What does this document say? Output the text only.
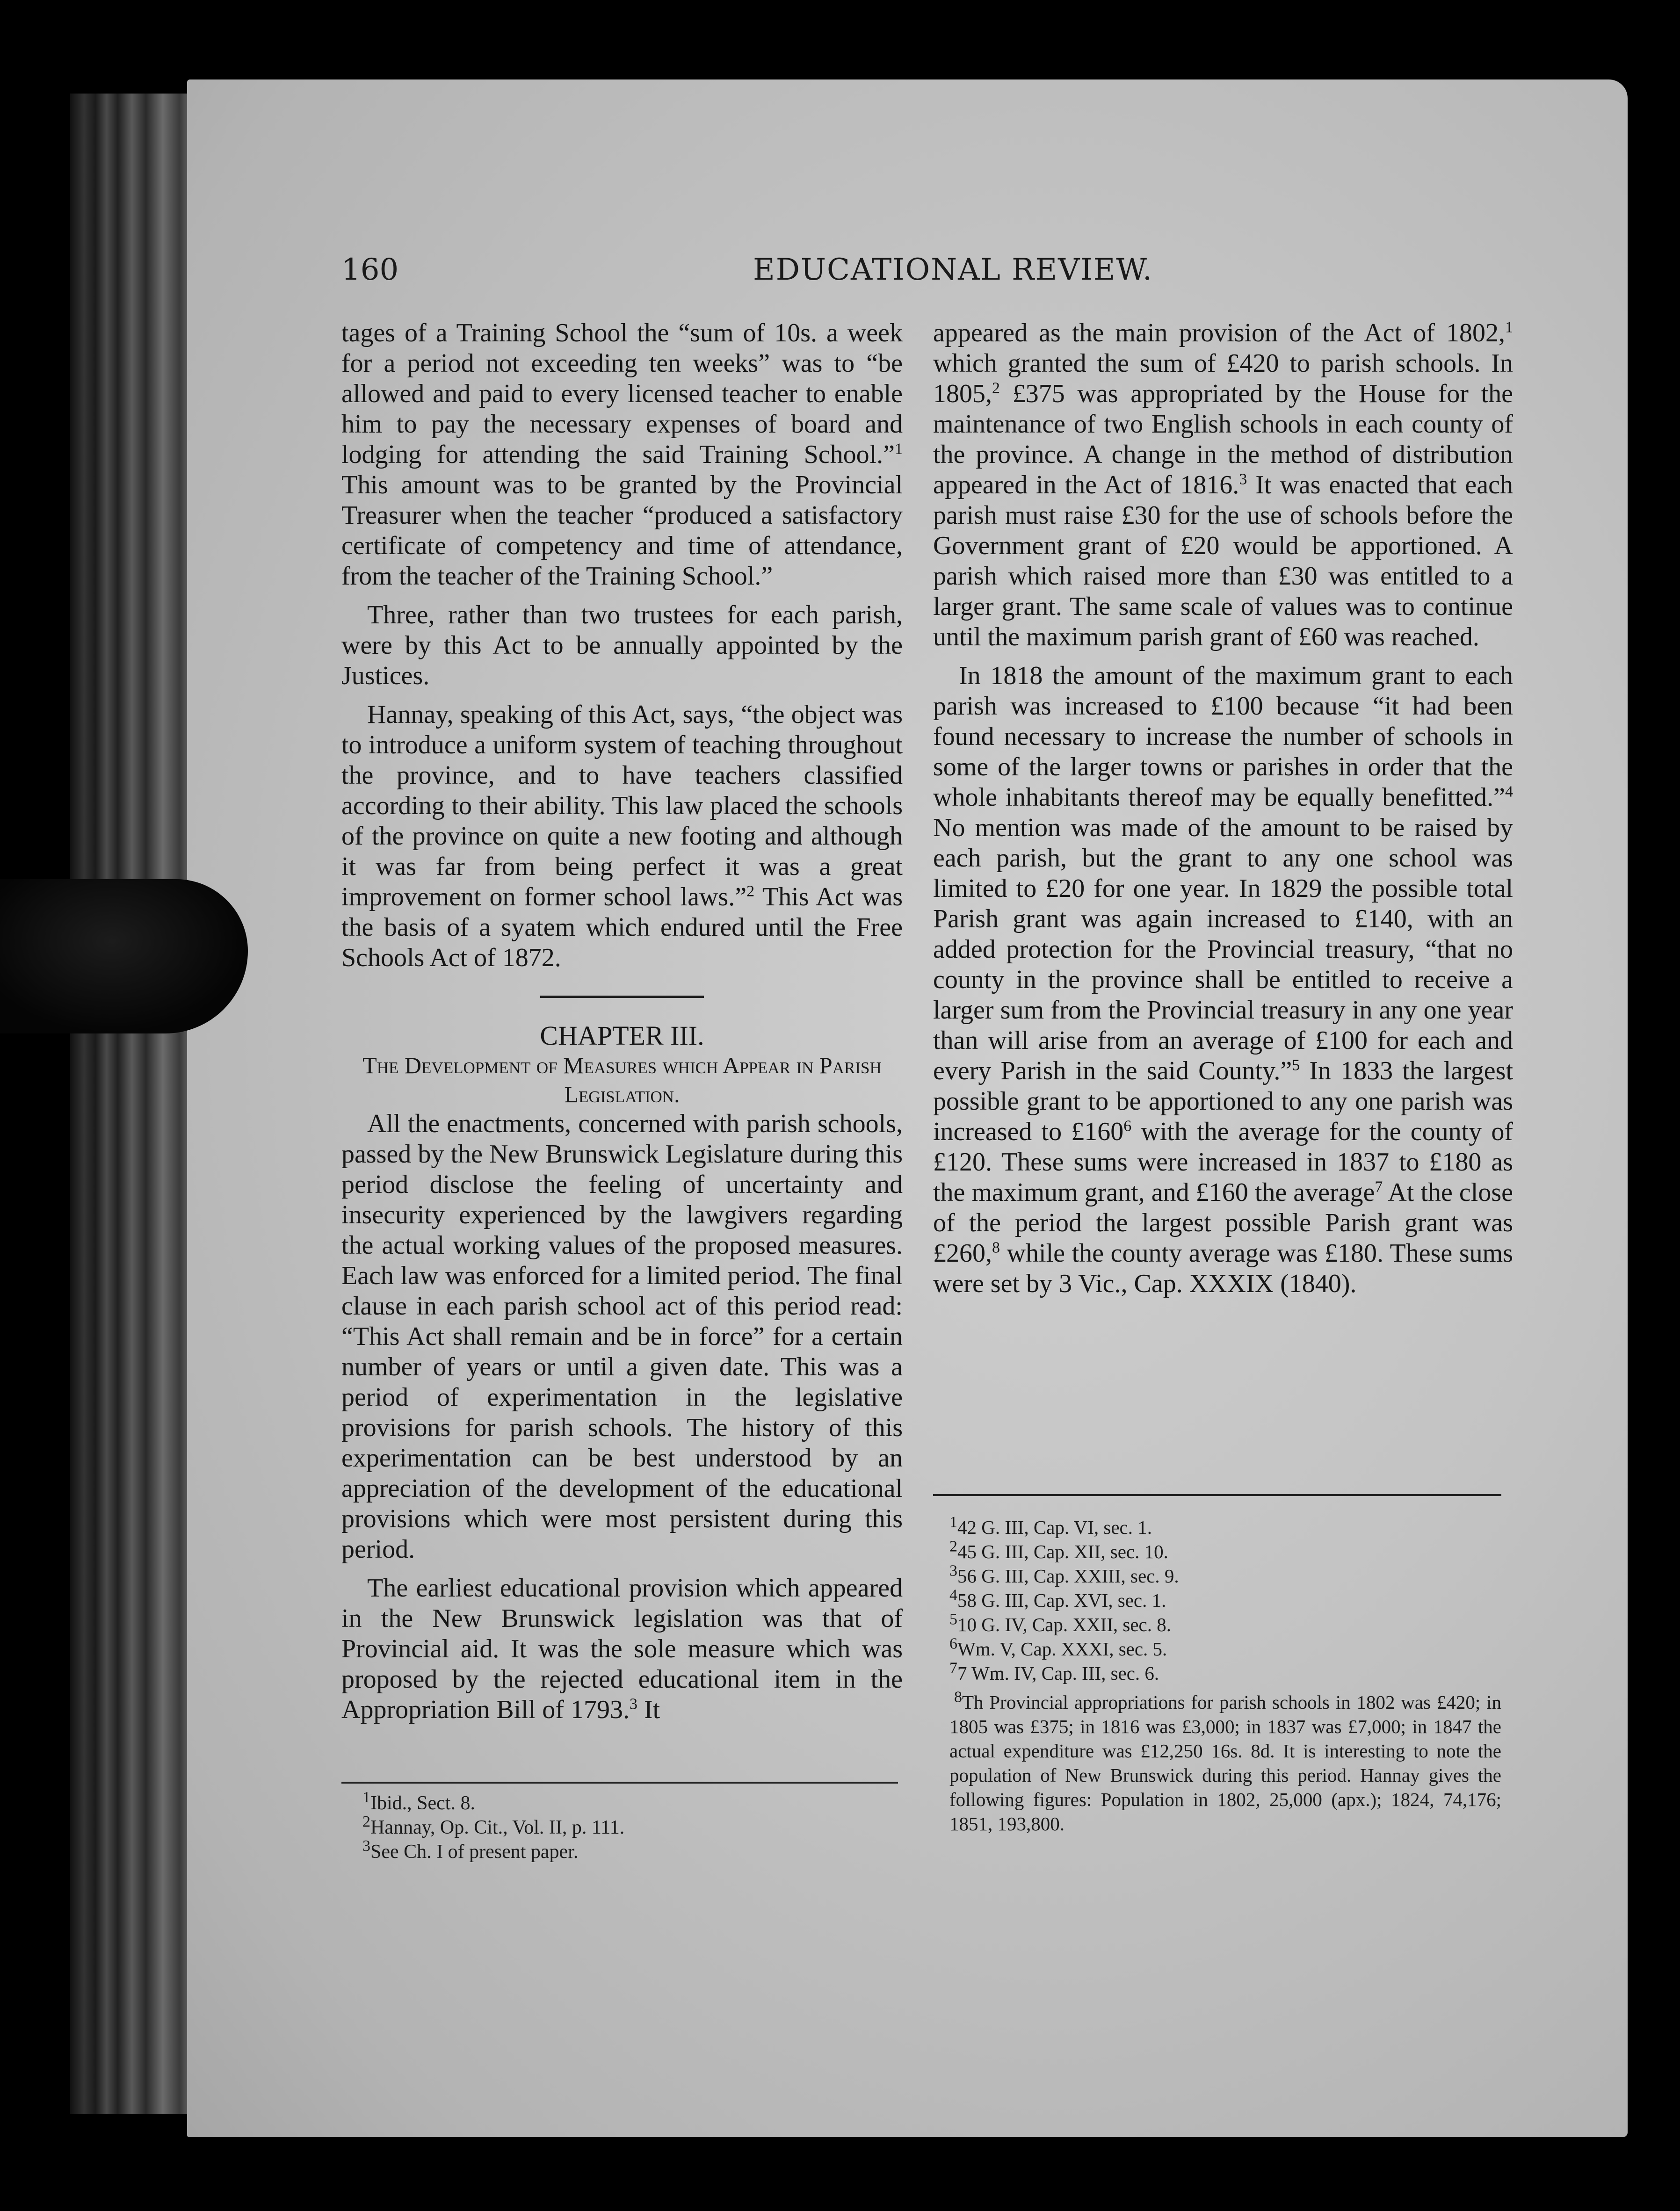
160	EDUCATIONAL REVIEW.

tages of a Training School the “sum of 10s. a week for a period not exceeding ten weeks” was to “be allowed and paid to every licensed teacher to enable him to pay the necessary expenses of board and lodging for attending the said Training School.”$^1$ This amount was to be granted by the Provincial Treasurer when the teacher “produced a satisfactory certificate of competency and time of attendance, from the teacher of the Training School.”

Three, rather than two trustees for each parish, were by this Act to be annually appointed by the Justices.

Hannay, speaking of this Act, says, “the object was to introduce a uniform system of teaching throughout the province, and to have teachers classified according to their ability. This law placed the schools of the province on quite a new footing and although it was far from being perfect it was a great improvement on former school laws.”$^2$ This Act was the basis of a syatem which endured until the Free Schools Act of 1872.

CHAPTER III.

The Development of Measures which Appear in Parish Legislation.

All the enactments, concerned with parish schools, passed by the New Brunswick Legislature during this period disclose the feeling of uncertainty and insecurity experienced by the lawgivers regarding the actual working values of the proposed measures. Each law was enforced for a limited period. The final clause in each parish school act of this period read: “This Act shall remain and be in force” for a certain number of years or until a given date. This was a period of experimentation in the legislative provisions for parish schools. The history of this experimentation can be best understood by an appreciation of the development of the educational provisions which were most persistent during this period.

The earliest educational provision which appeared in the New Brunswick legislation was that of Provincial aid. It was the sole measure which was proposed by the rejected educational item in the Appropriation Bill of 1793.$^3$ It

$^1$Ibid., Sect. 8.
$^2$Hannay, Op. Cit., Vol. II, p. 111.
$^3$See Ch. I of present paper.

appeared as the main provision of the Act of 1802,$^1$ which granted the sum of £420 to parish schools. In 1805,$^2$ £375 was appropriated by the House for the maintenance of two English schools in each county of the province. A change in the method of distribution appeared in the Act of 1816.$^3$ It was enacted that each parish must raise £30 for the use of schools before the Government grant of £20 would be apportioned. A parish which raised more than £30 was entitled to a larger grant. The same scale of values was to continue until the maximum parish grant of £60 was reached.

In 1818 the amount of the maximum grant to each parish was increased to £100 because “it had been found necessary to increase the number of schools in some of the larger towns or parishes in order that the whole inhabitants thereof may be equally benefitted.”$^4$ No mention was made of the amount to be raised by each parish, but the grant to any one school was limited to £20 for one year. In 1829 the possible total Parish grant was again increased to £140, with an added protection for the Provincial treasury, “that no county in the province shall be entitled to receive a larger sum from the Provincial treasury in any one year than will arise from an average of £100 for each and every Parish in the said County.”$^5$ In 1833 the largest possible grant to be apportioned to any one parish was increased to $£160^6$ with the average for the county of £120. These sums were increased in 1837 to £180 as the maximum grant, and £160 the average$^7$ At the close of the period the largest possible Parish grant was £260,$^8$ while the county average was £180. These sums were set by 3 Vic., Cap. XXXIX (1840).

$^1$42 G. III, Cap. VI, sec. 1.
$^2$45 G. III, Cap. XII, sec. 10.
$^3$56 G. III, Cap. XXIII, sec. 9.
$^4$58 G. III, Cap. XVI, sec. 1.
$^5$10 G. IV, Cap. XXII, sec. 8.
$^6$Wm. V, Cap. XXXI, sec. 5.
$^7$7 Wm. IV, Cap. III, sec. 6.
$^8$Th Provincial appropriations for parish schools in 1802 was £420; in 1805 was £375; in 1816 was £3,000; in 1837 was £7,000; in 1847 the actual expenditure was £12,250 16s. 8d. It is interesting to note the population of New Brunswick during this period. Hannay gives the following figures: Population in 1802, 25,000 (apx.); 1824, 74,176; 1851, 193,800.
